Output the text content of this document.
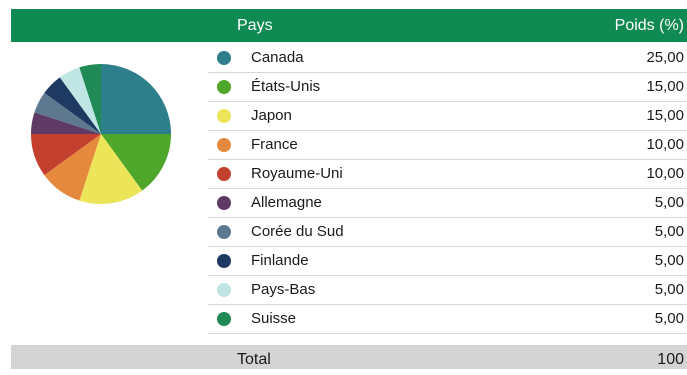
Pays	Poids (%)
Canada	25,00
États-Unis	15,00
Japon	15,00
France	10,00
Royaume-Uni	10,00
Allemagne	5,00
Corée du Sud	5,00
Finlande	5,00
Pays-Bas	5,00
Suisse	5,00
Total	100
